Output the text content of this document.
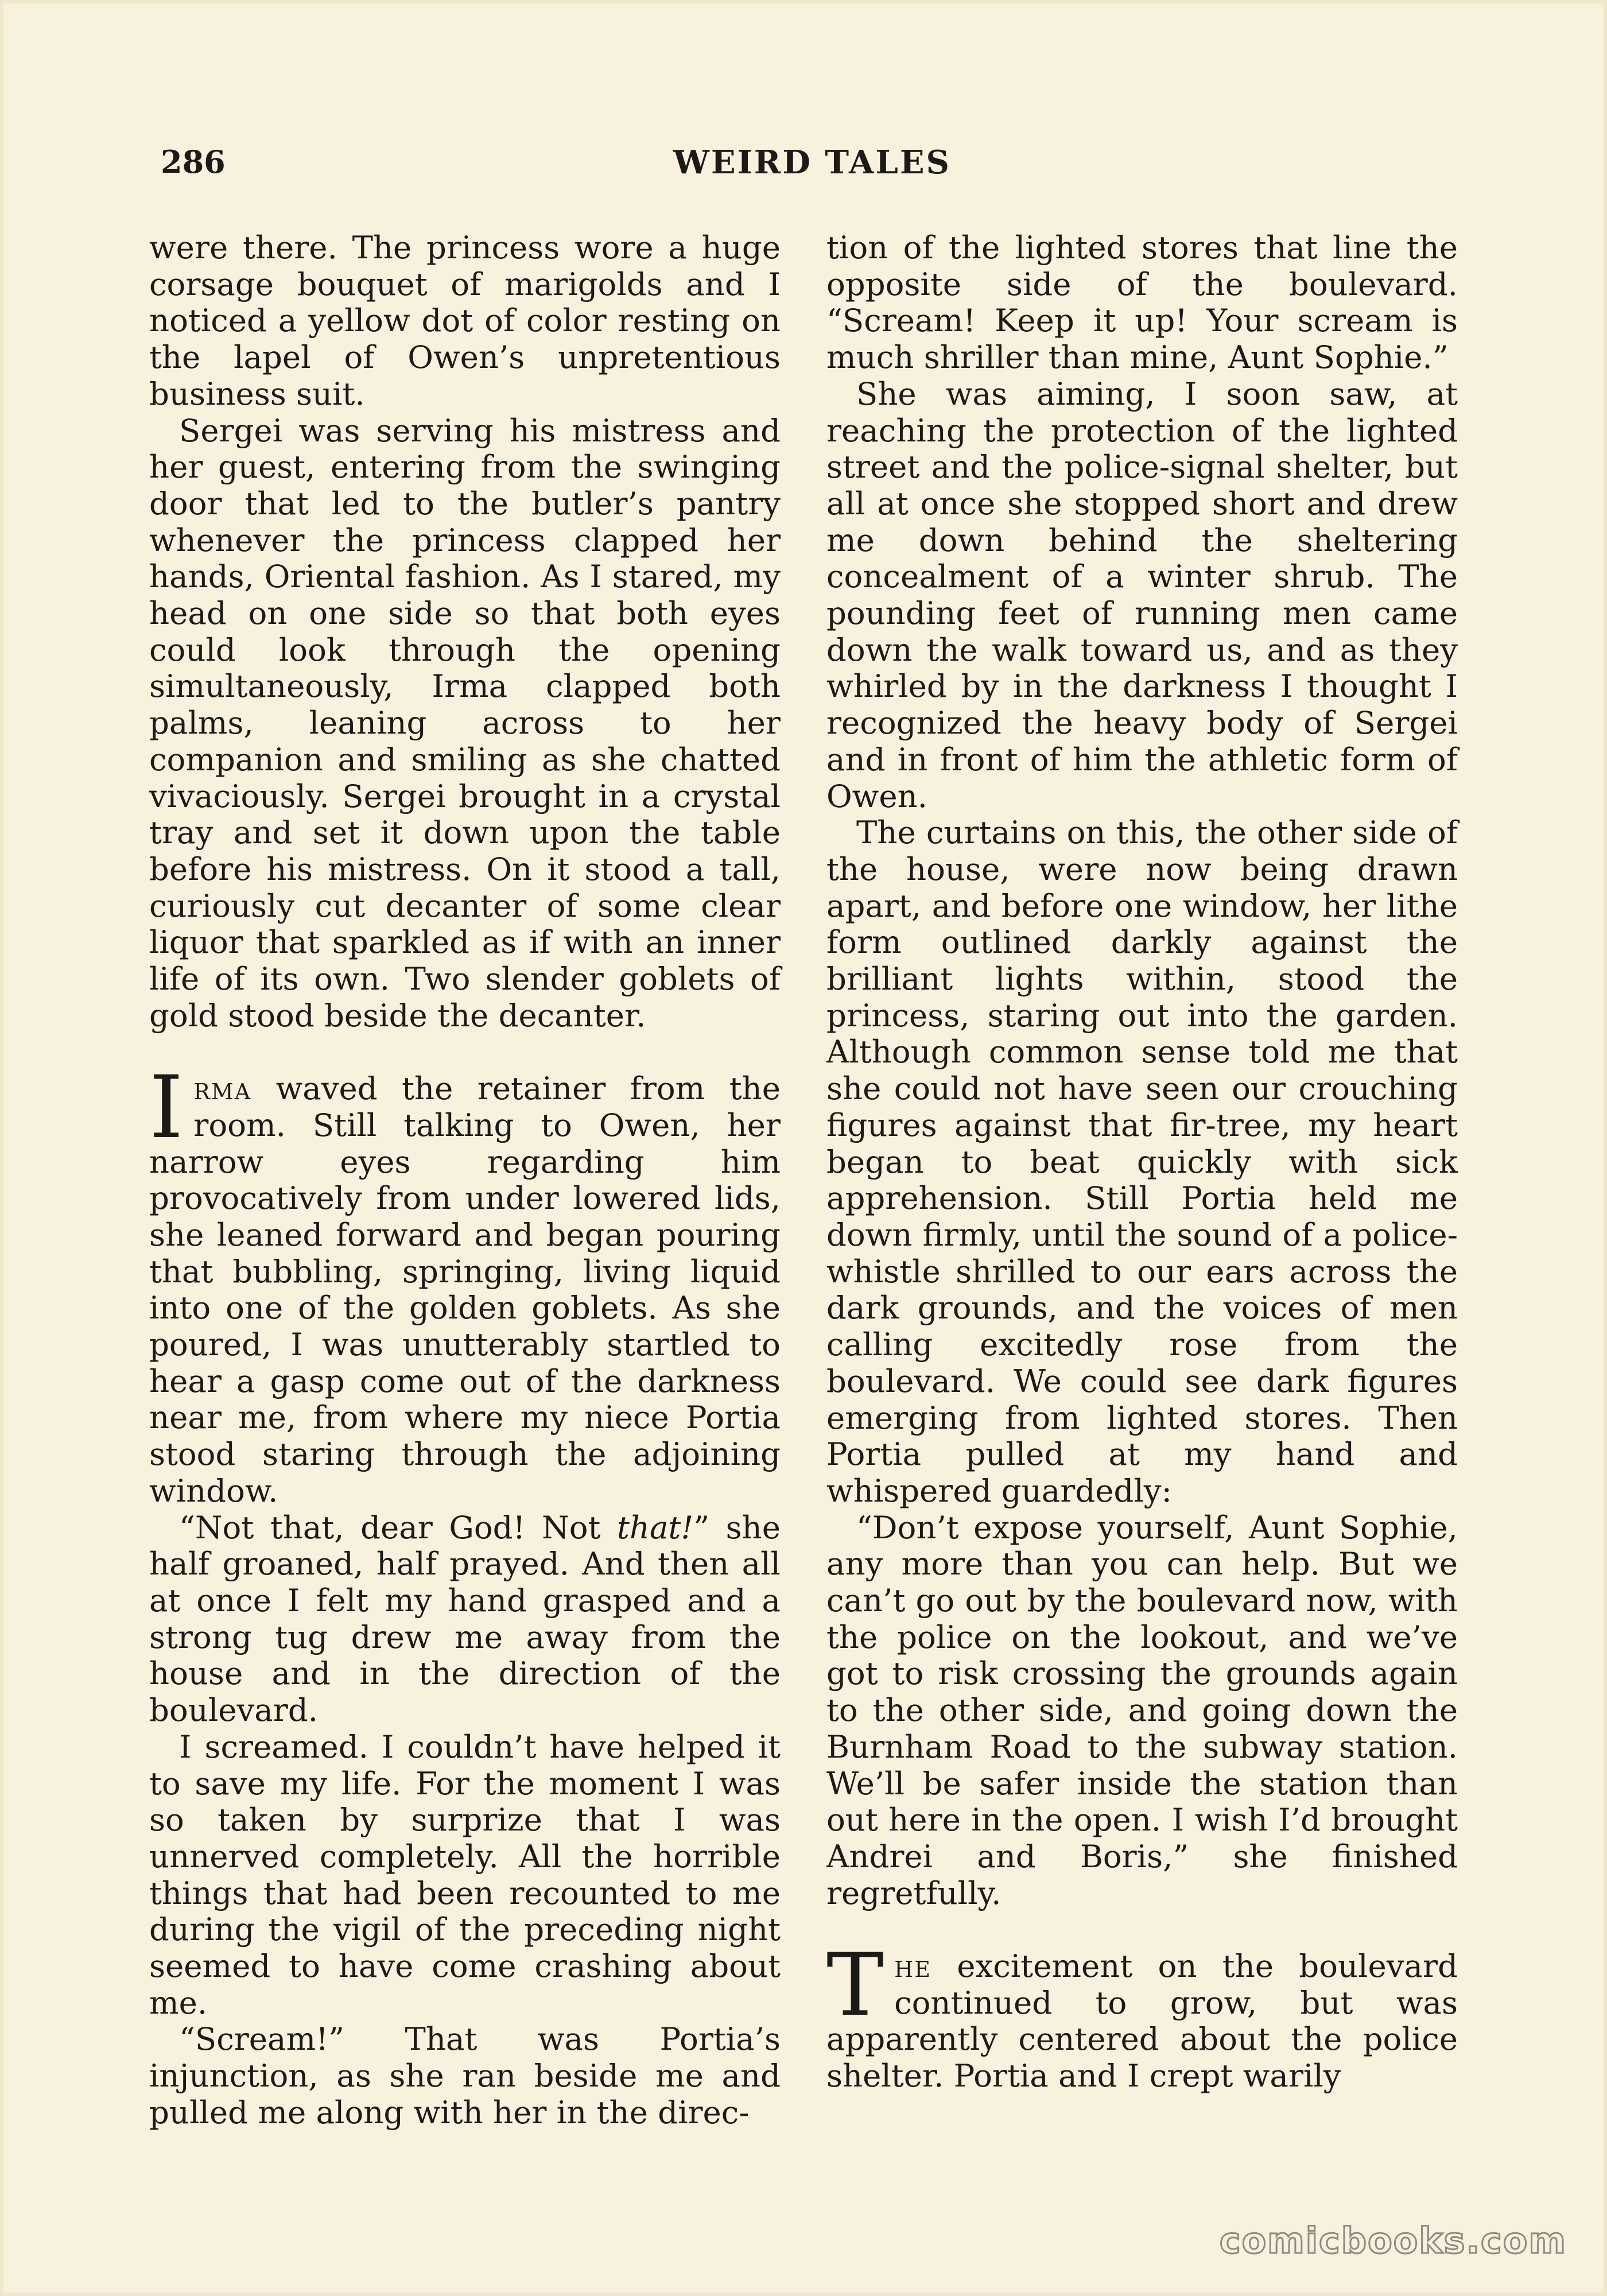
286	WEIRD TALES

were there. The princess wore a huge corsage bouquet of marigolds and I noticed a yellow dot of color resting on the lapel of Owen’s unpretentious business suit.

Sergei was serving his mistress and her guest, entering from the swinging door that led to the butler’s pantry whenever the princess clapped her hands, Oriental fashion. As I stared, my head on one side so that both eyes could look through the opening simultaneously, Irma clapped both palms, leaning across to her companion and smiling as she chatted vivaciously. Sergei brought in a crystal tray and set it down upon the table before his mistress. On it stood a tall, curiously cut decanter of some clear liquor that sparkled as if with an inner life of its own. Two slender goblets of gold stood beside the decanter.

Irma waved the retainer from the room. Still talking to Owen, her narrow eyes regarding him provocatively from under lowered lids, she leaned forward and began pouring that bubbling, springing, living liquid into one of the golden goblets. As she poured, I was unutterably startled to hear a gasp come out of the darkness near me, from where my niece Portia stood staring through the adjoining window.

“Not that, dear God! Not that!” she half groaned, half prayed. And then all at once I felt my hand grasped and a strong tug drew me away from the house and in the direction of the boulevard.

I screamed. I couldn’t have helped it to save my life. For the moment I was so taken by surprize that I was unnerved completely. All the horrible things that had been recounted to me during the vigil of the preceding night seemed to have come crashing about me.

“Scream!” That was Portia’s injunction, as she ran beside me and pulled me along with her in the direc-

tion of the lighted stores that line the opposite side of the boulevard. “Scream! Keep it up! Your scream is much shriller than mine, Aunt Sophie.”

She was aiming, I soon saw, at reaching the protection of the lighted street and the police-signal shelter, but all at once she stopped short and drew me down behind the sheltering concealment of a winter shrub. The pounding feet of running men came down the walk toward us, and as they whirled by in the darkness I thought I recognized the heavy body of Sergei and in front of him the athletic form of Owen.

The curtains on this, the other side of the house, were now being drawn apart, and before one window, her lithe form outlined darkly against the brilliant lights within, stood the princess, staring out into the garden. Although common sense told me that she could not have seen our crouching figures against that fir-tree, my heart began to beat quickly with sick apprehension. Still Portia held me down firmly, until the sound of a police-whistle shrilled to our ears across the dark grounds, and the voices of men calling excitedly rose from the boulevard. We could see dark figures emerging from lighted stores. Then Portia pulled at my hand and whispered guardedly:

“Don’t expose yourself, Aunt Sophie, any more than you can help. But we can’t go out by the boulevard now, with the police on the lookout, and we’ve got to risk crossing the grounds again to the other side, and going down the Burnham Road to the subway station. We’ll be safer inside the station than out here in the open. I wish I’d brought Andrei and Boris,” she finished regretfully.

The excitement on the boulevard continued to grow, but was apparently centered about the police shelter. Portia and I crept warily

comicbooks.com
